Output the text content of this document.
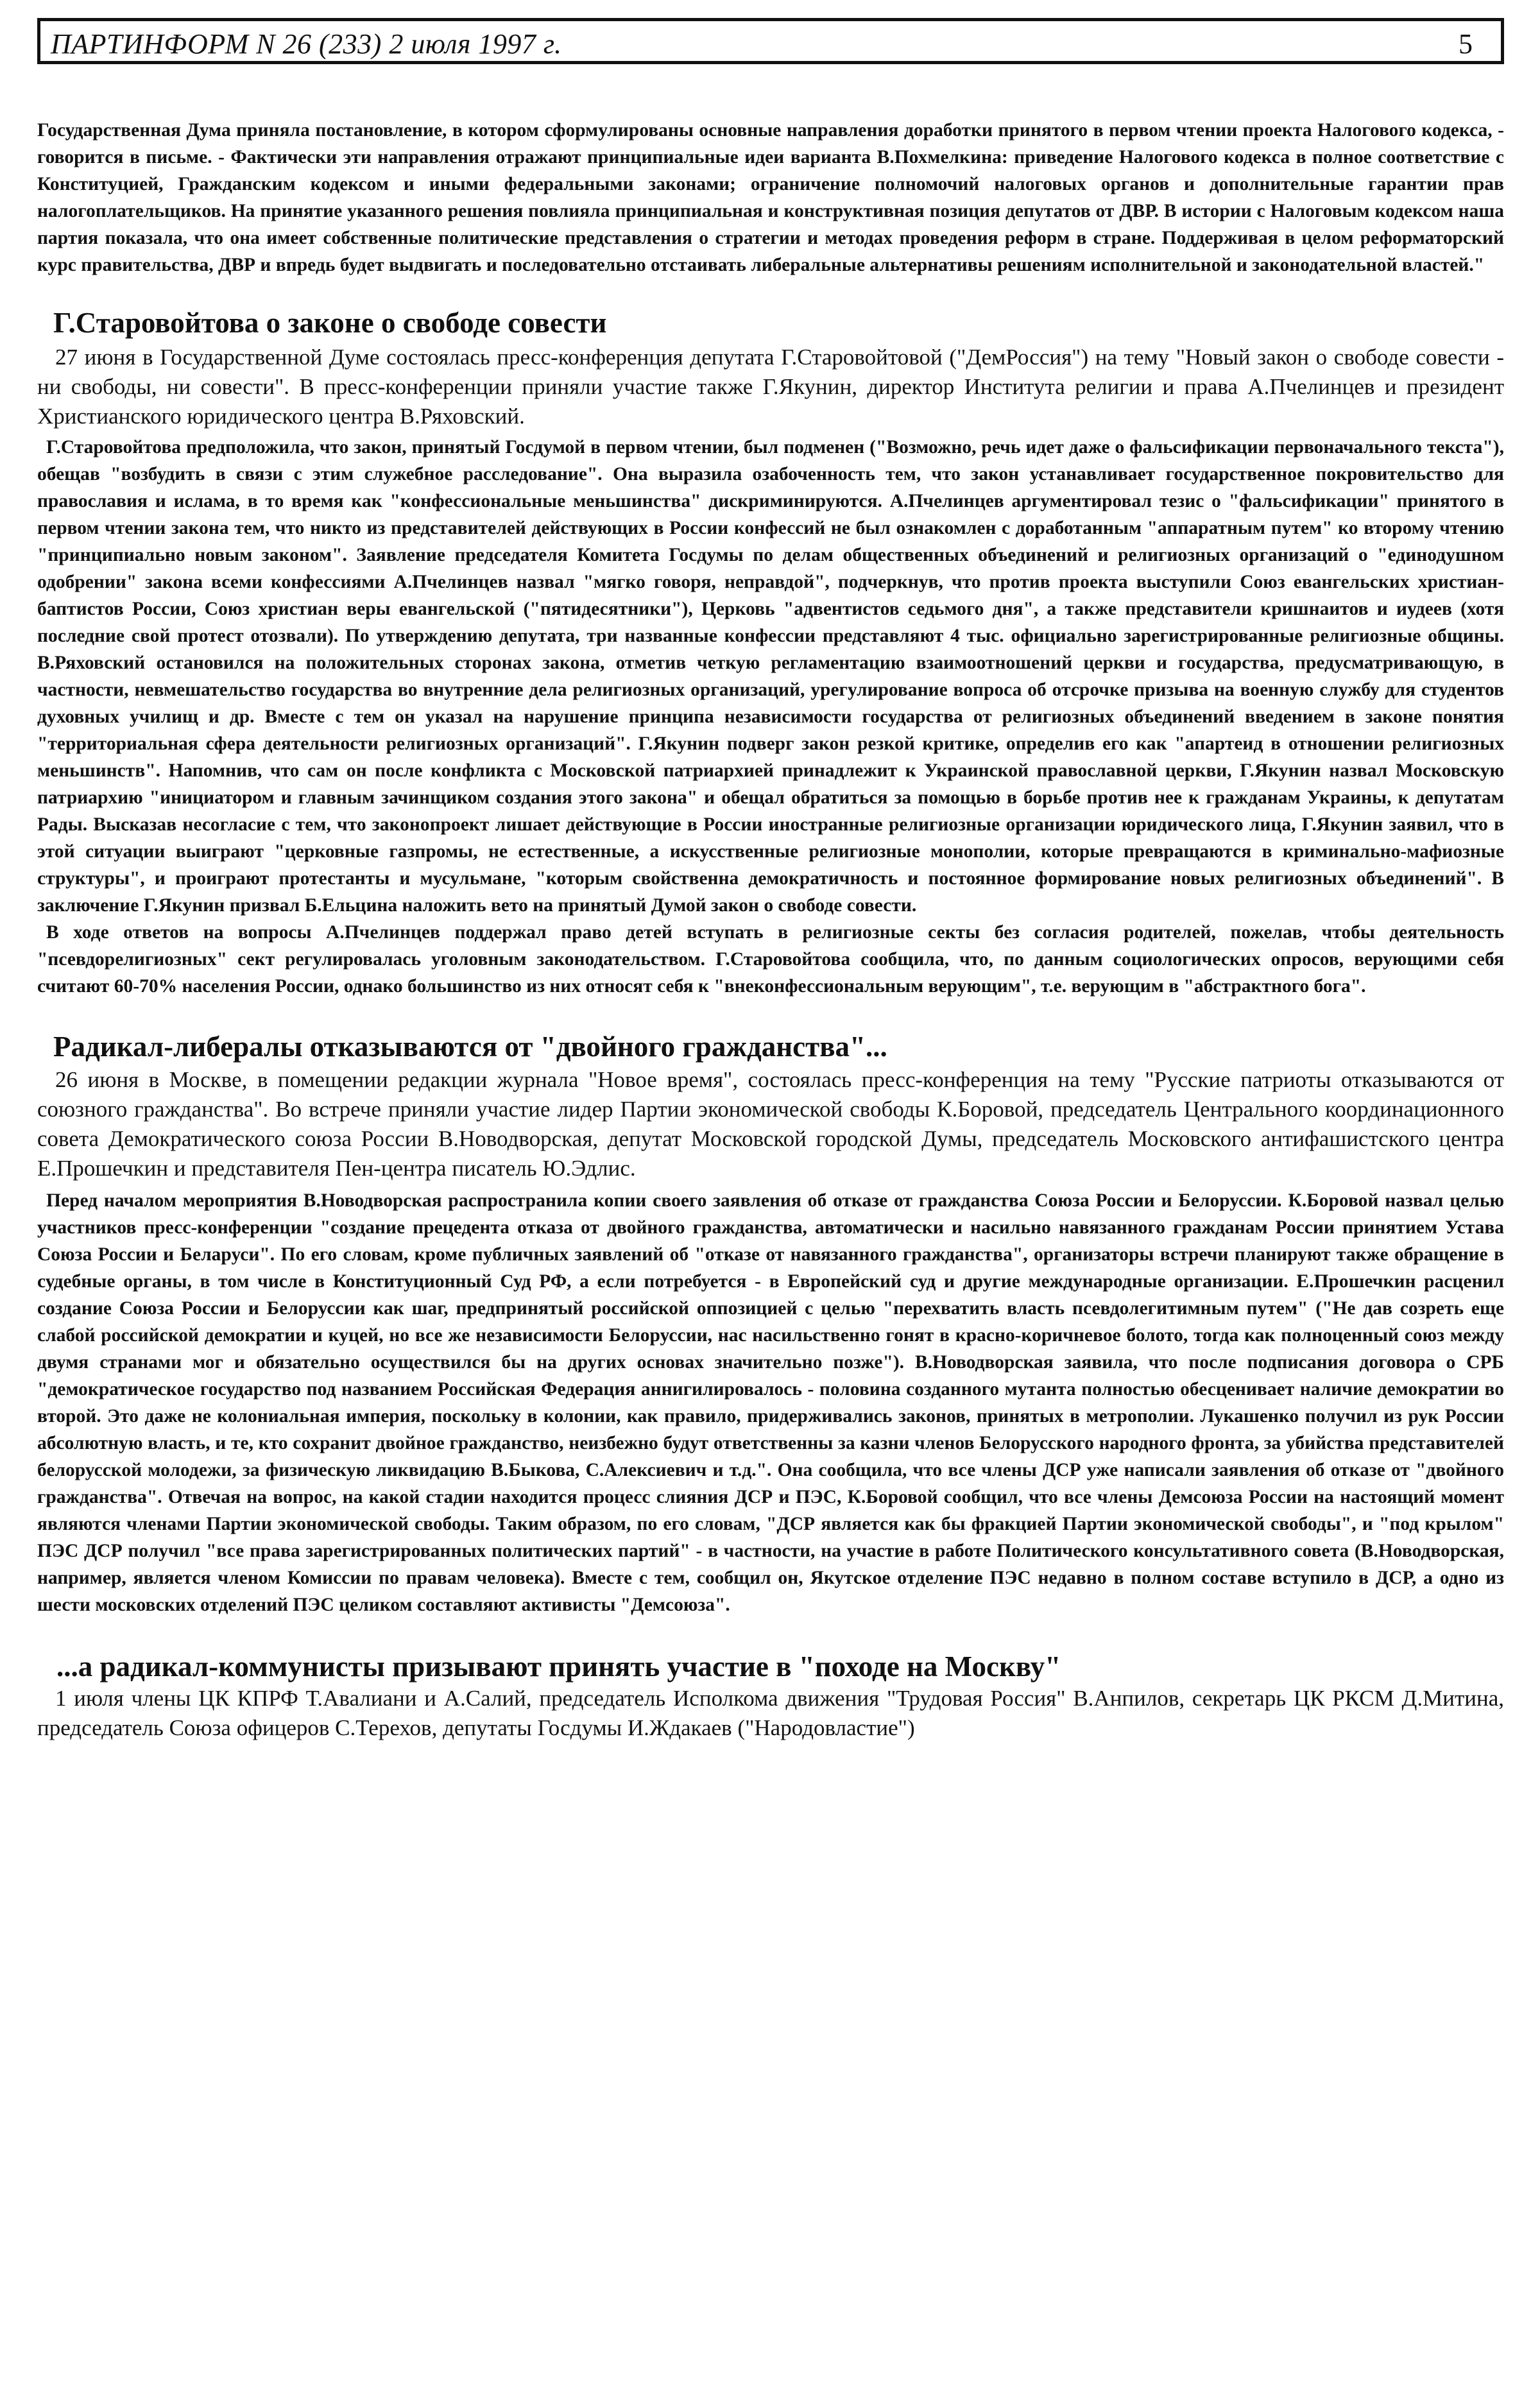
ПАРТИНФОРМ N 26 (233) 2 июля 1997 г.	5

Государственная Дума приняла постановление, в котором сформулированы основные направления доработки принятого в первом чтении проекта Налогового кодекса, - говорится в письме. - Фактически эти направления отражают принципиальные идеи варианта В.Похмелкина: приведение Налогового кодекса в полное соответствие с Конституцией, Гражданским кодексом и иными федеральными законами; ограничение полномочий налоговых органов и дополнительные гарантии прав налогоплательщиков. На принятие указанного решения повлияла принципиальная и конструктивная позиция депутатов от ДВР. В истории с Налоговым кодексом наша партия показала, что она имеет собственные политические представления о стратегии и методах проведения реформ в стране. Поддерживая в целом реформаторский курс правительства, ДВР и впредь будет выдвигать и последовательно отстаивать либеральные альтернативы решениям исполнительной и законодательной властей."

Г.Старовойтова о законе о свободе совести

27 июня в Государственной Думе состоялась пресс-конференция депутата Г.Старовойтовой ("ДемРоссия") на тему "Новый закон о свободе совести - ни свободы, ни совести". В пресс-конференции приняли участие также Г.Якунин, директор Института религии и права А.Пчелинцев и президент Христианского юридического центра В.Ряховский.

Г.Старовойтова предположила, что закон, принятый Госдумой в первом чтении, был подменен ("Возможно, речь идет даже о фальсификации первоначального текста"), обещав "возбудить в связи с этим служебное расследование". Она выразила озабоченность тем, что закон устанавливает государственное покровительство для православия и ислама, в то время как "конфессиональные меньшинства" дискриминируются. А.Пчелинцев аргументировал тезис о "фальсификации" принятого в первом чтении закона тем, что никто из представителей действующих в России конфессий не был ознакомлен с доработанным "аппаратным путем" ко второму чтению "принципиально новым законом". Заявление председателя Комитета Госдумы по делам общественных объединений и религиозных организаций о "единодушном одобрении" закона всеми конфессиями А.Пчелинцев назвал "мягко говоря, неправдой", подчеркнув, что против проекта выступили Союз евангельских христиан-баптистов России, Союз христиан веры евангельской ("пятидесятники"), Церковь "адвентистов седьмого дня", а также представители кришнаитов и иудеев (хотя последние свой протест отозвали). По утверждению депутата, три названные конфессии представляют 4 тыс. официально зарегистрированные религиозные общины. В.Ряховский остановился на положительных сторонах закона, отметив четкую регламентацию взаимоотношений церкви и государства, предусматривающую, в частности, невмешательство государства во внутренние дела религиозных организаций, урегулирование вопроса об отсрочке призыва на военную службу для студентов духовных училищ и др. Вместе с тем он указал на нарушение принципа независимости государства от религиозных объединений введением в законе понятия "территориальная сфера деятельности религиозных организаций". Г.Якунин подверг закон резкой критике, определив его как "апартеид в отношении религиозных меньшинств". Напомнив, что сам он после конфликта с Московской патриархией принадлежит к Украинской православной церкви, Г.Якунин назвал Московскую патриархию "инициатором и главным зачинщиком создания этого закона" и обещал обратиться за помощью в борьбе против нее к гражданам Украины, к депутатам Рады. Высказав несогласие с тем, что законопроект лишает действующие в России иностранные религиозные организации юридического лица, Г.Якунин заявил, что в этой ситуации выиграют "церковные газпромы, не естественные, а искусственные религиозные монополии, которые превращаются в криминально-мафиозные структуры", и проиграют протестанты и мусульмане, "которым свойственна демократичность и постоянное формирование новых религиозных объединений". В заключение Г.Якунин призвал Б.Ельцина наложить вето на принятый Думой закон о свободе совести.

В ходе ответов на вопросы А.Пчелинцев поддержал право детей вступать в религиозные секты без согласия родителей, пожелав, чтобы деятельность "псевдорелигиозных" сект регулировалась уголовным законодательством. Г.Старовойтова сообщила, что, по данным социологических опросов, верующими себя считают 60-70% населения России, однако большинство из них относят себя к "внеконфессиональным верующим", т.е. верующим в "абстрактного бога".

Радикал-либералы отказываются от "двойного гражданства"...

26 июня в Москве, в помещении редакции журнала "Новое время", состоялась пресс-конференция на тему "Русские патриоты отказываются от союзного гражданства". Во встрече приняли участие лидер Партии экономической свободы К.Боровой, председатель Центрального координационного совета Демократического союза России В.Новодворская, депутат Московской городской Думы, председатель Московского антифашистского центра Е.Прошечкин и представителя Пен-центра писатель Ю.Эдлис.

Перед началом мероприятия В.Новодворская распространила копии своего заявления об отказе от гражданства Союза России и Белоруссии. К.Боровой назвал целью участников пресс-конференции "создание прецедента отказа от двойного гражданства, автоматически и насильно навязанного гражданам России принятием Устава Союза России и Беларуси". По его словам, кроме публичных заявлений об "отказе от навязанного гражданства", организаторы встречи планируют также обращение в судебные органы, в том числе в Конституционный Суд РФ, а если потребуется - в Европейский суд и другие международные организации. Е.Прошечкин расценил создание Союза России и Белоруссии как шаг, предпринятый российской оппозицией с целью "перехватить власть псевдолегитимным путем" ("Не дав созреть еще слабой российской демократии и куцей, но все же независимости Белоруссии, нас насильственно гонят в красно-коричневое болото, тогда как полноценный союз между двумя странами мог и обязательно осуществился бы на других основах значительно позже"). В.Новодворская заявила, что после подписания договора о СРБ "демократическое государство под названием Российская Федерация аннигилировалось - половина созданного мутанта полностью обесценивает наличие демократии во второй. Это даже не колониальная империя, поскольку в колонии, как правило, придерживались законов, принятых в метрополии. Лукашенко получил из рук России абсолютную власть, и те, кто сохранит двойное гражданство, неизбежно будут ответственны за казни членов Белорусского народного фронта, за убийства представителей белорусской молодежи, за физическую ликвидацию В.Быкова, С.Алексиевич и т.д.". Она сообщила, что все члены ДСР уже написали заявления об отказе от "двойного гражданства". Отвечая на вопрос, на какой стадии находится процесс слияния ДСР и ПЭС, К.Боровой сообщил, что все члены Демсоюза России на настоящий момент являются членами Партии экономической свободы. Таким образом, по его словам, "ДСР является как бы фракцией Партии экономической свободы", и "под крылом" ПЭС ДСР получил "все права зарегистрированных политических партий" - в частности, на участие в работе Политического консультативного совета (В.Новодворская, например, является членом Комиссии по правам человека). Вместе с тем, сообщил он, Якутское отделение ПЭС недавно в полном составе вступило в ДСР, а одно из шести московских отделений ПЭС целиком составляют активисты "Демсоюза".

...а радикал-коммунисты призывают принять участие в "походе на Москву"

1 июля члены ЦК КПРФ Т.Авалиани и А.Салий, председатель Исполкома движения "Трудовая Россия" В.Анпилов, секретарь ЦК РКСМ Д.Митина, председатель Союза офицеров С.Терехов, депутаты Госдумы И.Ждакаев ("Народовластие")
